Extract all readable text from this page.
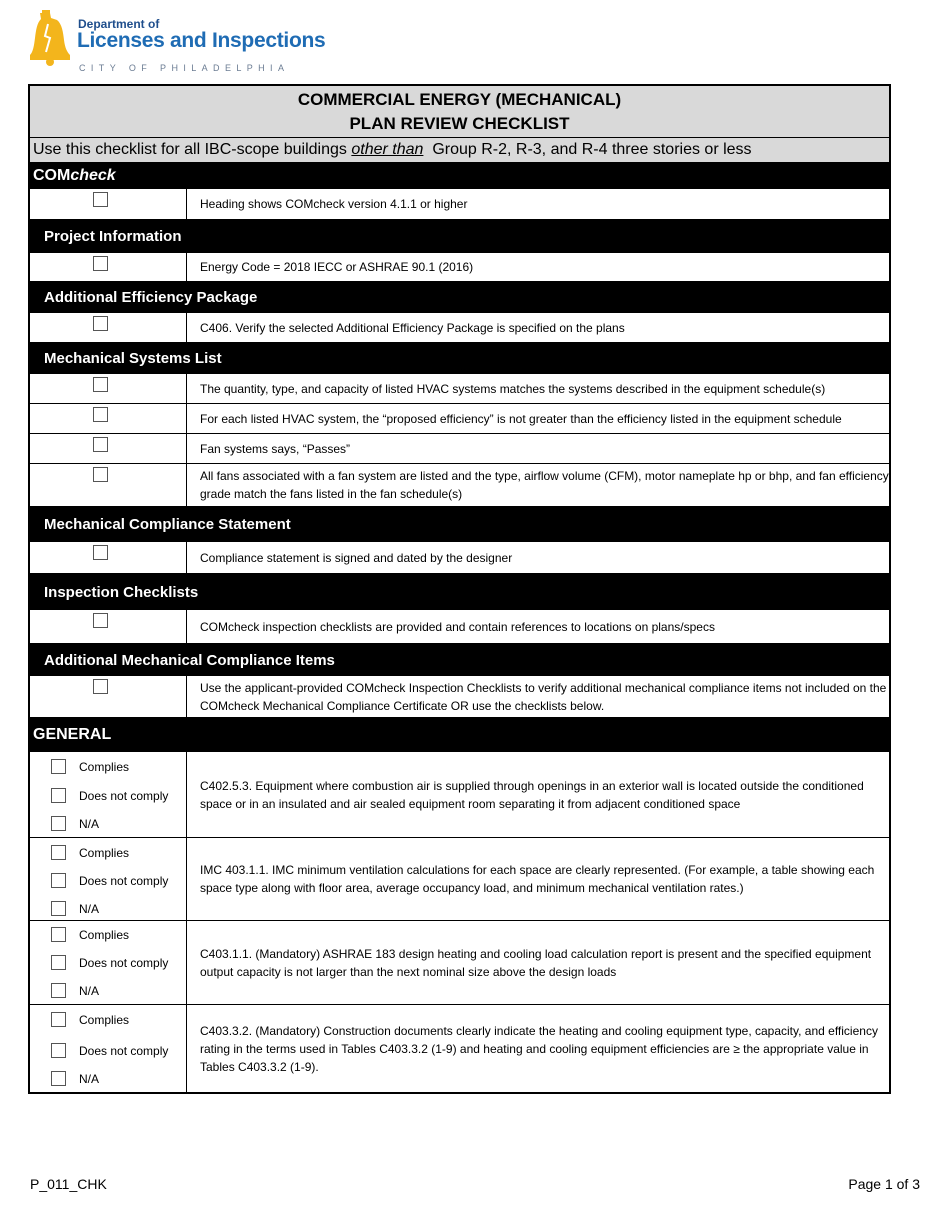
Department of
Licenses and Inspections
CITY OF PHILADELPHIA
COMMERCIAL ENERGY (MECHANICAL)
PLAN REVIEW CHECKLIST
Use this checklist for all IBC-scope buildings other than  Group R-2, R-3, and R-4 three stories or less
COM check
Heading shows COMcheck version 4.1.1 or higher
Project Information
Energy Code = 2018 IECC or ASHRAE 90.1 (2016)
Additional Efficiency Package
C406. Verify the selected Additional Efficiency Package is specified on the plans
Mechanical Systems List
The quantity, type, and capacity of listed HVAC systems matches the systems described in the equipment schedule(s)
For each listed HVAC system, the “proposed efficiency” is not greater than the efficiency listed in the equipment schedule
Fan systems says, “Passes”
All fans associated with a fan system are listed and the type, airflow volume (CFM), motor nameplate hp or bhp, and fan efficiency grade match the fans listed in the fan schedule(s)
Mechanical Compliance Statement
Compliance statement is signed and dated by the designer
Inspection Checklists
COMcheck inspection checklists are provided and contain references to locations on plans/specs
Additional Mechanical Compliance Items
Use the applicant-provided COMcheck Inspection Checklists to verify additional mechanical compliance items not included on the COMcheck Mechanical Compliance Certificate OR use the checklists below.
GENERAL
Complies
Does not comply
N/A
C402.5.3. Equipment where combustion air is supplied through openings in an exterior wall is located outside the conditioned space or in an insulated and air sealed equipment room separating it from adjacent conditioned space
Complies
Does not comply
N/A
IMC 403.1.1. IMC minimum ventilation calculations for each space are clearly represented. (For example, a table showing each space type along with floor area, average occupancy load, and minimum mechanical ventilation rates.)
Complies
Does not comply
N/A
C403.1.1. (Mandatory) ASHRAE 183 design heating and cooling load calculation report is present and the specified equipment output capacity is not larger than the next nominal size above the design loads
Complies
Does not comply
N/A
C403.3.2. (Mandatory) Construction documents clearly indicate the heating and cooling equipment type, capacity, and efficiency rating in the terms used in Tables C403.3.2 (1-9) and heating and cooling equipment efficiencies are ≥ the appropriate value in Tables C403.3.2 (1-9).
P_011_CHK	Page 1 of 3
